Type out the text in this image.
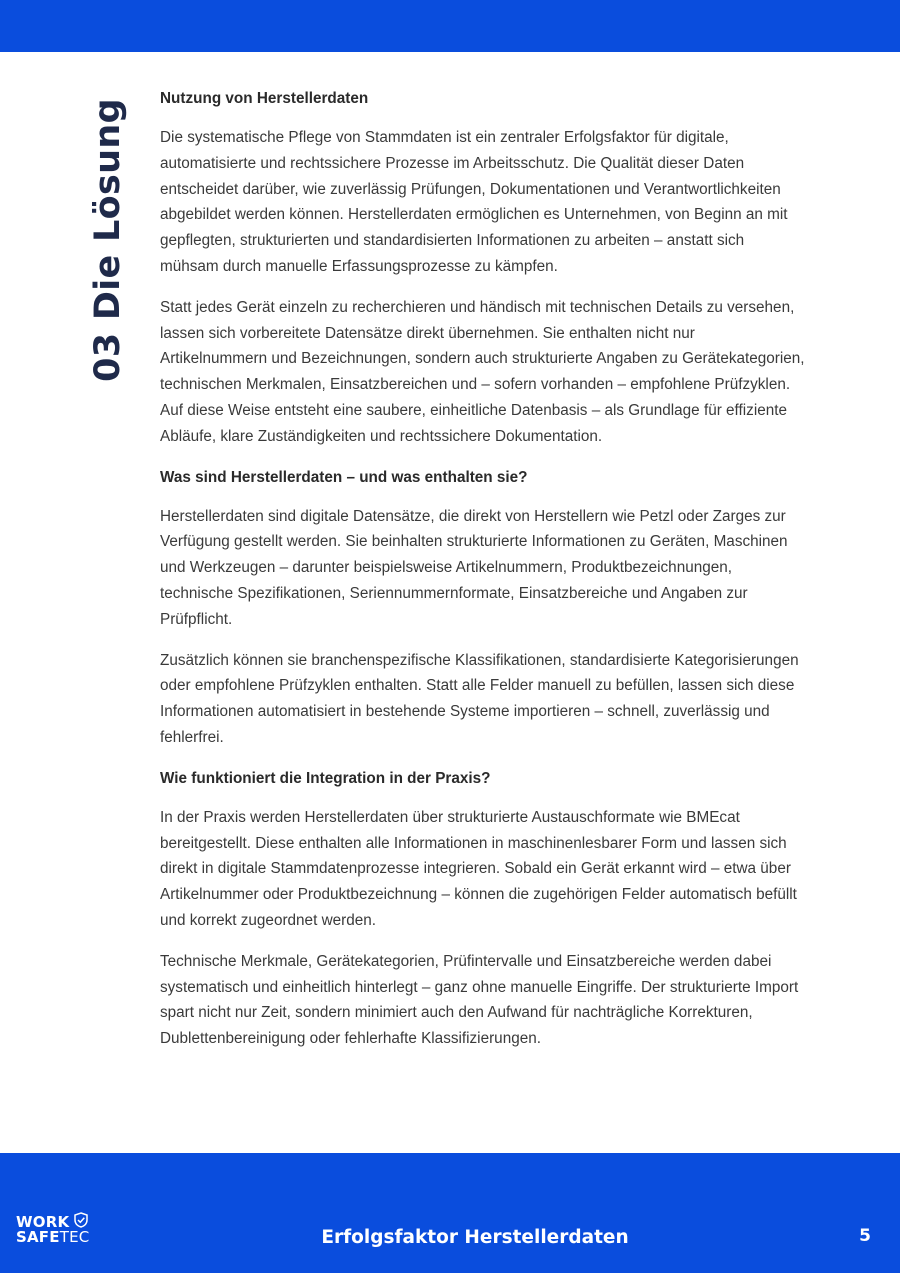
03 Die Lösung Nutzung von Herstellerdaten

Die systematische Pflege von Stammdaten ist ein zentraler Erfolgsfaktor für digitale, automatisierte und rechtssichere Prozesse im Arbeitsschutz. Die Qualität dieser Daten entscheidet darüber, wie zuverlässig Prüfungen, Dokumentationen und Verantwortlichkeiten abgebildet werden können. Herstellerdaten ermöglichen es Unternehmen, von Beginn an mit gepflegten, strukturierten und standardisierten Informationen zu arbeiten – anstatt sich mühsam durch manuelle Erfassungsprozesse zu kämpfen.

Statt jedes Gerät einzeln zu recherchieren und händisch mit technischen Details zu versehen, lassen sich vorbereitete Datensätze direkt übernehmen. Sie enthalten nicht nur Artikelnummern und Bezeichnungen, sondern auch strukturierte Angaben zu Gerätekategorien, technischen Merkmalen, Einsatzbereichen und – sofern vorhanden – empfohlene Prüfzyklen. Auf diese Weise entsteht eine saubere, einheitliche Datenbasis – als Grundlage für effiziente Abläufe, klare Zuständigkeiten und rechtssichere Dokumentation.

Was sind Herstellerdaten – und was enthalten sie?

Herstellerdaten sind digitale Datensätze, die direkt von Herstellern wie Petzl oder Zarges zur Verfügung gestellt werden. Sie beinhalten strukturierte Informationen zu Geräten, Maschinen und Werkzeugen – darunter beispielsweise Artikelnummern, Produktbezeichnungen, technische Spezifikationen, Seriennummernformate, Einsatzbereiche und Angaben zur Prüfpflicht.

Zusätzlich können sie branchenspezifische Klassifikationen, standardisierte Kategorisierungen oder empfohlene Prüfzyklen enthalten. Statt alle Felder manuell zu befüllen, lassen sich diese Informationen automatisiert in bestehende Systeme importieren – schnell, zuverlässig und fehlerfrei.

Wie funktioniert die Integration in der Praxis?

In der Praxis werden Herstellerdaten über strukturierte Austauschformate wie BMEcat bereitgestellt. Diese enthalten alle Informationen in maschinenlesbarer Form und lassen sich direkt in digitale Stammdatenprozesse integrieren. Sobald ein Gerät erkannt wird – etwa über Artikelnummer oder Produktbezeichnung – können die zugehörigen Felder automatisch befüllt und korrekt zugeordnet werden.

Technische Merkmale, Gerätekategorien, Prüfintervalle und Einsatzbereiche werden dabei systematisch und einheitlich hinterlegt – ganz ohne manuelle Eingriffe. Der strukturierte Import spart nicht nur Zeit, sondern minimiert auch den Aufwand für nachträgliche Korrekturen, Dublettenbereinigung oder fehlerhafte Klassifizierungen.

WORK
SAFETEC	Erfolgsfaktor Herstellerdaten	5
